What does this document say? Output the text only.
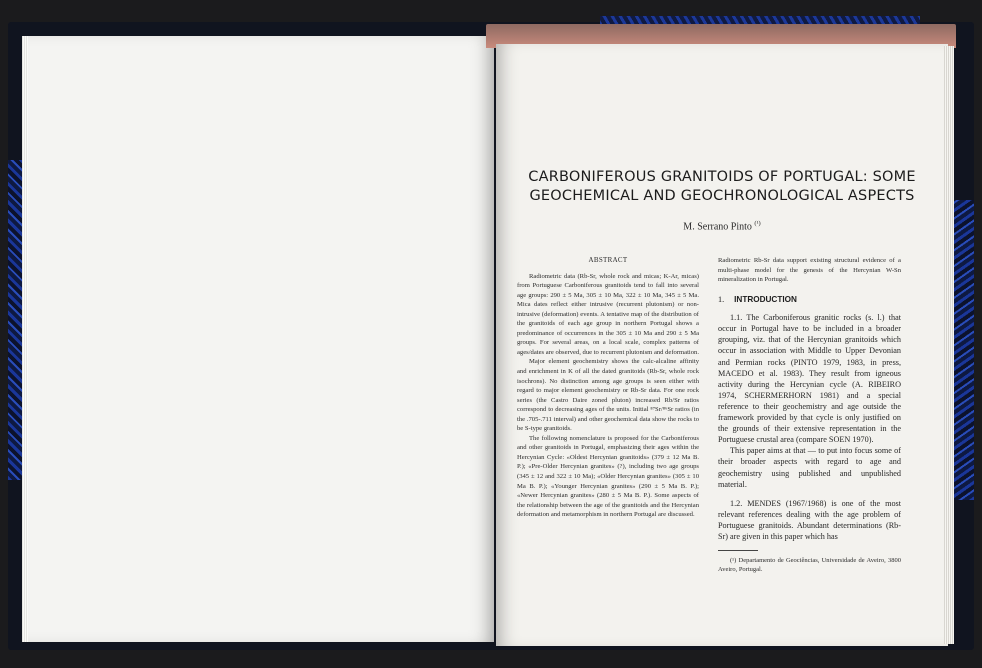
CARBONIFEROUS GRANITOIDS OF PORTUGAL: SOME
GEOCHEMICAL AND GEOCHRONOLOGICAL ASPECTS
M. Serrano Pinto $^{(^1)}$
ABSTRACT

Radiometric data (Rb-Sr, whole rock and micas; K-Ar, micas) from Portuguese Carboniferous granitoids tend to fall into several age groups: 290 ± 5 Ma, 305 ± 10 Ma, 322 ± 10 Ma, 345 ± 5 Ma. Mica dates reflect either intrusive (recurrent plutonism) or non-intrusive (deformation) events. A tentative map of the distribution of the granitoids of each age group in northern Portugal shows a predominance of occurrences in the 305 ± 10 Ma and 290 ± 5 Ma groups. For several areas, on a local scale, complex patterns of ages/dates are observed, due to recurrent plutonism and deformation.

Major element geochemistry shows the calc-alcaline affinity and enrichment in K of all the dated granitoids (Rb-Sr, whole rock isochrons). No distinction among age groups is seen either with regard to major element geochemistry or Rb-Sr data. For one rock series (the Castro Daire zoned pluton) increased Rb/Sr ratios correspond to decreasing ages of the units. Initial ⁸⁷Sr/⁸⁶Sr ratios (in the .705-.711 interval) and other geochemical data show the rocks to be S-type granitoids.

The following nomenclature is proposed for the Carboniferous and other granitoids in Portugal, emphasizing their ages within the Hercynian Cycle: «Oldest Hercynian granitoids» (379 ± 12 Ma B. P.); «Pre-Older Hercynian granites» (?), including two age groups (345 ± 12 and 322 ± 10 Ma); «Older Hercynian granites» (305 ± 10 Ma B. P.); «Younger Hercynian granites» (290 ± 5 Ma B. P.); «Newer Hercynian granites» (280 ± 5 Ma B. P.). Some aspects of the relationship between the age of the granitoids and the Hercynian deformation and metamorphism in northern Portugal are discussed.

Radiometric Rb-Sr data support existing structural evidence of a multi-phase model for the genesis of the Hercynian W-Sn mineralization in Portugal.

1. INTRODUCTION

1.1. The Carboniferous granitic rocks (s. l.) that occur in Portugal have to be included in a broader grouping, viz. that of the Hercynian granitoids which occur in association with Middle to Upper Devonian and Permian rocks (PINTO 1979, 1983, in press, MACEDO et al. 1983). They result from igneous activity during the Hercynian cycle (A. RIBEIRO 1974, SCHERMERHORN 1981) and a special reference to their geochemistry and age outside the framework provided by that cycle is only justified on the grounds of their extensive representation in the Portuguese crustal area (compare SOEN 1970).

This paper aims at that — to put into focus some of their broader aspects with regard to age and geochemistry using published and unpublished material.

1.2. MENDES (1967/1968) is one of the most relevant references dealing with the age problem of Portuguese granitoids. Abundant determinations (Rb-Sr) are given in this paper which has

(¹) Departamento de Geociências, Universidade de Aveiro, 3800 Aveiro, Portugal.
